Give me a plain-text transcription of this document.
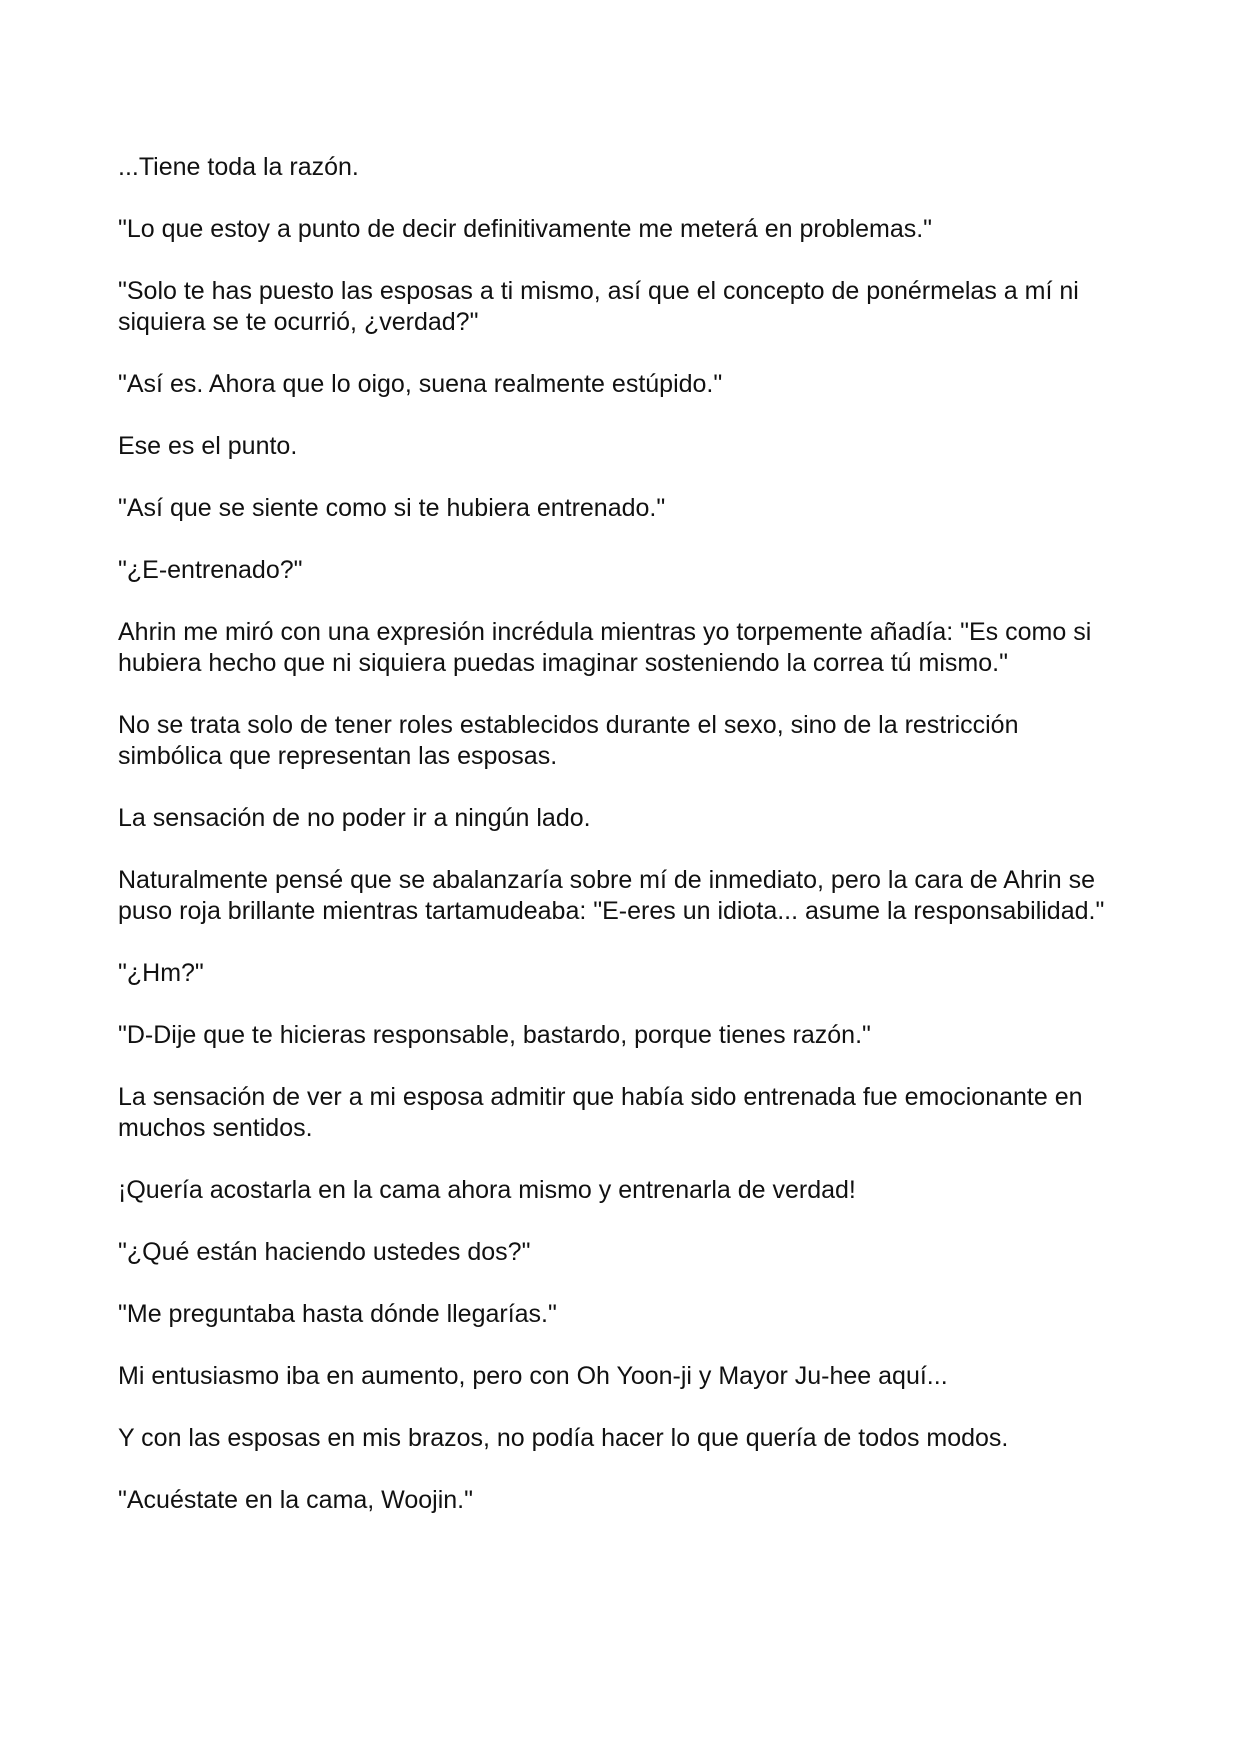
...Tiene toda la razón.

"Lo que estoy a punto de decir definitivamente me meterá en problemas."

"Solo te has puesto las esposas a ti mismo, así que el concepto de ponérmelas a mí ni siquiera se te ocurrió, ¿verdad?"

"Así es. Ahora que lo oigo, suena realmente estúpido."

Ese es el punto.

"Así que se siente como si te hubiera entrenado."

"¿E-entrenado?"

Ahrin me miró con una expresión incrédula mientras yo torpemente añadía: "Es como si hubiera hecho que ni siquiera puedas imaginar sosteniendo la correa tú mismo."

No se trata solo de tener roles establecidos durante el sexo, sino de la restricción simbólica que representan las esposas.

La sensación de no poder ir a ningún lado.

Naturalmente pensé que se abalanzaría sobre mí de inmediato, pero la cara de Ahrin se puso roja brillante mientras tartamudeaba: "E-eres un idiota... asume la responsabilidad."

"¿Hm?"

"D-Dije que te hicieras responsable, bastardo, porque tienes razón."

La sensación de ver a mi esposa admitir que había sido entrenada fue emocionante en muchos sentidos.

¡Quería acostarla en la cama ahora mismo y entrenarla de verdad!

"¿Qué están haciendo ustedes dos?"

"Me preguntaba hasta dónde llegarías."

Mi entusiasmo iba en aumento, pero con Oh Yoon-ji y Mayor Ju-hee aquí...

Y con las esposas en mis brazos, no podía hacer lo que quería de todos modos.

"Acuéstate en la cama, Woojin."
